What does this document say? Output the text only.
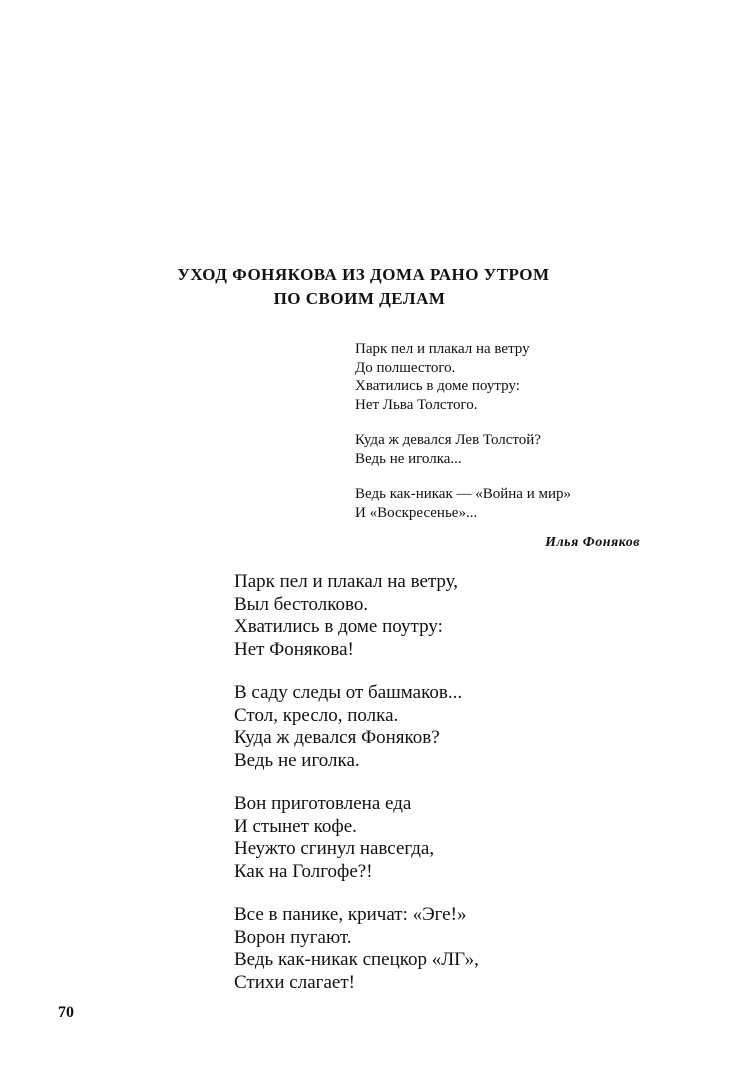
УХОД ФОНЯКОВА ИЗ ДОМА РАНО УТРОМ
ПО СВОИМ ДЕЛАМ
Парк пел и плакал на ветру
До полшестого.
Хватились в доме поутру:
Нет Льва Толстого.
Куда ж девался Лев Толстой?
Ведь не иголка...
Ведь как-никак — «Война и мир»
И «Воскресенье»...
Илья Фоняков
Парк пел и плакал на ветру,
Выл бестолково.
Хватились в доме поутру:
Нет Фонякова!
В саду следы от башмаков...
Стол, кресло, полка.
Куда ж девался Фоняков?
Ведь не иголка.
Вон приготовлена еда
И стынет кофе.
Неужто сгинул навсегда,
Как на Голгофе?!
Все в панике, кричат: «Эге!»
Ворон пугают.
Ведь как-никак спецкор «ЛГ»,
Стихи слагает!
70
